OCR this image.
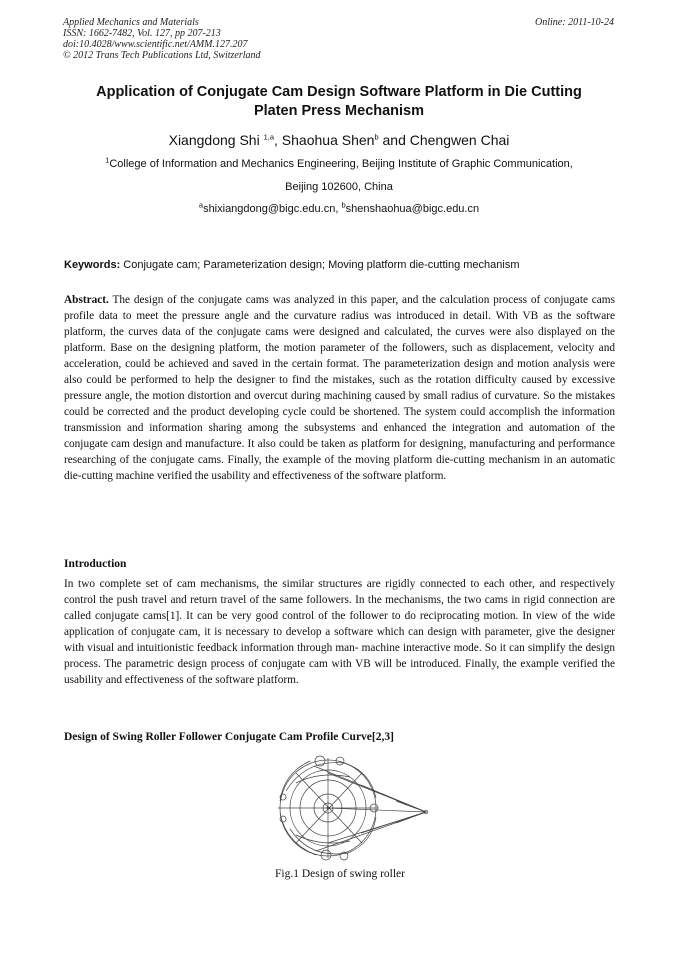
Applied Mechanics and Materials
ISSN: 1662-7482, Vol. 127, pp 207-213
doi:10.4028/www.scientific.net/AMM.127.207
© 2012 Trans Tech Publications Ltd, Switzerland
Online: 2011-10-24
Application of Conjugate Cam Design Software Platform in Die Cutting
Platen Press Mechanism
Xiangdong Shi $^{1,a}$, Shaohua Shen$^b$ and Chengwen Chai
$^1$College of Information and Mechanics Engineering, Beijing Institute of Graphic Communication,
Beijing 102600, China
$^a$shixiangdong@bigc.edu.cn, $^b$shenshaohua@bigc.edu.cn
Keywords: Conjugate cam; Parameterization design; Moving platform die-cutting mechanism

Abstract. The design of the conjugate cams was analyzed in this paper, and the calculation process of conjugate cams profile data to meet the pressure angle and the curvature radius was introduced in detail. With VB as the software platform, the curves data of the conjugate cams were designed and calculated, the curves were also displayed on the platform. Base on the designing platform, the motion parameter of the followers, such as displacement, velocity and acceleration, could be achieved and saved in the certain format. The parameterization design and motion analysis were also could be performed to help the designer to find the mistakes, such as the rotation difficulty caused by excessive pressure angle, the motion distortion and overcut during machining caused by small radius of curvature. So the mistakes could be corrected and the product developing cycle could be shortened. The system could accomplish the information transmission and information sharing among the subsystems and enhanced the integration and automation of the conjugate cam design and manufacture. It also could be taken as platform for designing, manufacturing and performance researching of the conjugate cams. Finally, the example of the moving platform die-cutting mechanism in an automatic die-cutting machine verified the usability and effectiveness of the software platform.

Introduction

In two complete set of cam mechanisms, the similar structures are rigidly connected to each other, and respectively control the push travel and return travel of the same followers. In the mechanisms, the two cams in rigid connection are called conjugate cams[1]. It can be very good control of the follower to do reciprocating motion. In view of the wide application of conjugate cam, it is necessary to develop a software which can design with parameter, give the designer with visual and intuitionistic feedback information through man- machine interactive mode. So it can simplify the design process. The parametric design process of conjugate cam with VB will be introduced. Finally, the example verified the usability and effectiveness of the software platform.

Design of Swing Roller Follower Conjugate Cam Profile Curve[2,3]
Fig.1 Design of swing roller
